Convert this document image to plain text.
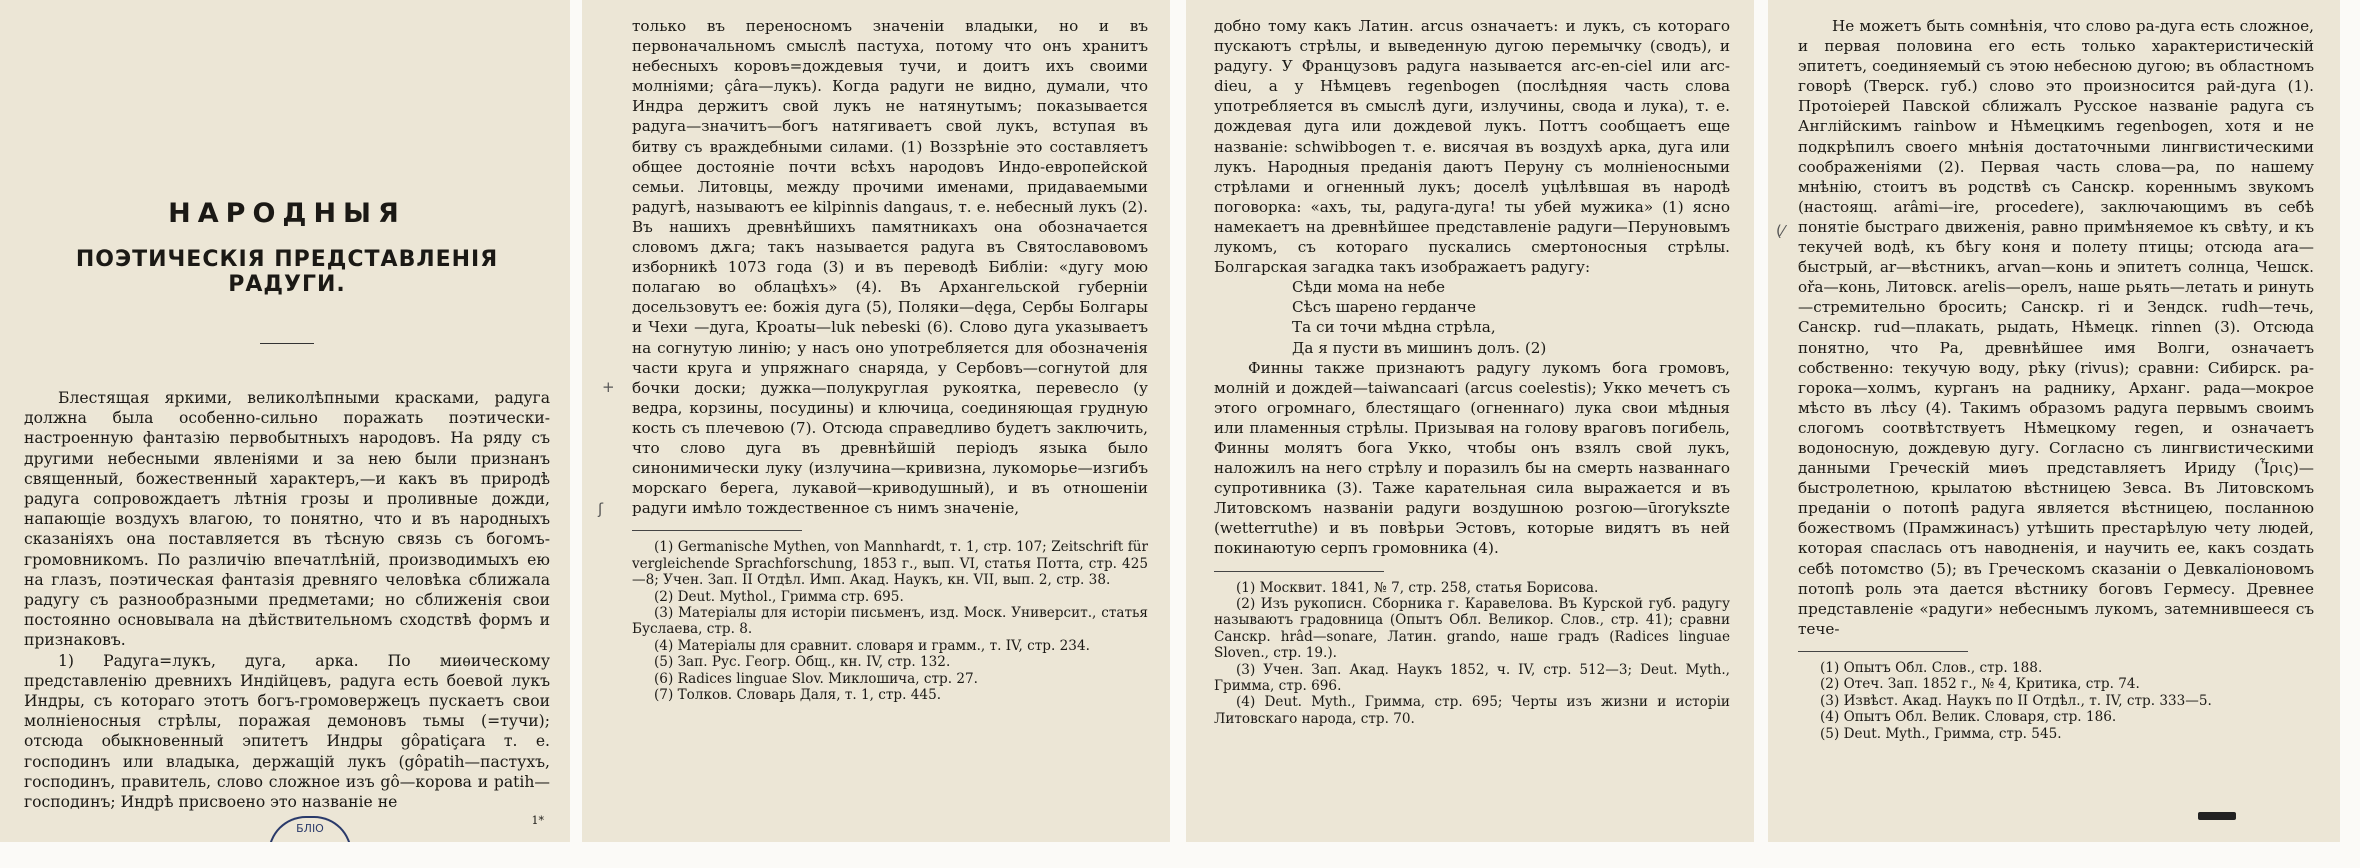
НАРОДНЫЯ
ПОЭТИЧЕСКІЯ ПРЕДСТАВЛЕНІЯ РАДУГИ.

Блестящая яркими, великолѣпными красками, радуга должна была особенно-сильно поражать поэтически-настроенную фантазію первобытныхъ народовъ. На ряду съ другими небесными явленіями и за нею были признанъ священный, божественный характеръ,—и какъ въ природѣ радуга сопровождаетъ лѣтнія грозы и проливные дожди, напающіе воздухъ влагою, то понятно, что и въ народныхъ сказаніяхъ она поставляется въ тѣсную связь съ богомъ-громовникомъ. По различію впечатлѣній, производимыхъ ею на глазъ, поэтическая фантазія древняго человѣка сближала радугу съ разнообразными предметами; но сближенія свои постоянно основывала на дѣйствительномъ сходствѣ формъ и признаковъ.

1) Радуга=лукъ, дуга, арка. По миѳическому представленію древнихъ Индійцевъ, радуга есть боевой лукъ Индры, съ котораго этотъ богъ-громовержецъ пускаетъ свои молніеносныя стрѣлы, поражая демоновъ тьмы (=тучи); отсюда обыкновенный эпитетъ Индры gôpatiçara т. е. господинъ или владыка, держащій лукъ (gôpatih—пастухъ, господинъ, правитель, слово сложное изъ gô—корова и patih—господинъ; Индрѣ присвоено это названіе не

1*
БЛІО

только въ переносномъ значеніи владыки, но и въ первоначальномъ смыслѣ пастуха, потому что онъ хранитъ небесныхъ коровъ=дождевыя тучи, и доитъ ихъ своими молніями; çâra—лукъ). Когда радуги не видно, думали, что Индра держитъ свой лукъ не натянутымъ; показывается радуга—значитъ—богъ натягиваетъ свой лукъ, вступая въ битву съ враждебными силами. (1) Воззрѣніе это составляетъ общее достояніе почти всѣхъ народовъ Индо-европейской семьи. Литовцы, между прочими именами, придаваемыми радугѣ, называютъ ее kilpinnis dangaus, т. е. небесный лукъ (2). Въ нашихъ древнѣйшихъ памятникахъ она обозначается словомъ дѫга; такъ называется радуга въ Святославовомъ изборникѣ 1073 года (3) и въ переводѣ Библіи: «дугу мою полагаю во облацѣхъ» (4). Въ Архангельской губерніи досельзовутъ ее: божія дуга (5), Поляки—dęga, Сербы Болгары и Чехи —дуга, Кроаты—luk nebeski (6). Слово дуга указываетъ на согнутую линію; у насъ оно употребляется для обозначенія части круга и упряжнаго снаряда, у Сербовъ—согнутой для бочки доски; дужка—полукруглая рукоятка, перевесло (у ведра, корзины, посудины) и ключица, соединяющая грудную кость съ плечевою (7). Отсюда справедливо будетъ заключить, что слово дуга въ древнѣйшій періодъ языка было синонимически луку (излучина—кривизна, лукоморье—изгибъ морскаго берега, лукавой—криводушный), и въ отношеніи радуги имѣло тождественное съ нимъ значеніе,

(1) Germanische Mythen, von Mannhardt, т. 1, стр. 107; Zeitschrift für vergleichende Sprachforschung, 1853 г., вып. VI, статья Потта, стр. 425—8; Учен. Зап. II Отдѣл. Имп. Акад. Наукъ, кн. VII, вып. 2, стр. 38.

(2) Deut. Mythol., Гримма стр. 695.

(3) Матеріалы для исторіи письменъ, изд. Моск. Университ., статья Буслаева, стр. 8.

(4) Матеріалы для сравнит. словаря и грамм., т. IV, стр. 234.

(5) Зап. Рус. Геогр. Общ., кн. IV, стр. 132.

(6) Radices linguae Slov. Миклошича, стр. 27.

(7) Толков. Словарь Даля, т. 1, стр. 445.

+
ʃ

добно тому какъ Латин. arcus означаетъ: и лукъ, съ котораго пускаютъ стрѣлы, и выведенную дугою перемычку (сводъ), и радугу. У Французовъ радуга называется arc-en-ciel или arc-dieu, а у Нѣмцевъ regenbogen (послѣдняя часть слова употребляется въ смыслѣ дуги, излучины, свода и лука), т. е. дождевая дуга или дождевой лукъ. Поттъ сообщаетъ еще названіе: schwibbogen т. е. висячая въ воздухѣ арка, дуга или лукъ. Народныя преданія даютъ Перуну съ молніеносными стрѣлами и огненный лукъ; доселѣ уцѣлѣвшая въ народѣ поговорка: «ахъ, ты, радуга-дуга! ты убей мужика» (1) ясно намекаетъ на древнѣйшее представленіе радуги—Перуновымъ лукомъ, съ котораго пускались смертоносныя стрѣлы. Болгарская загадка такъ изображаетъ радугу:

Сѣди мома на небе
Сѣсъ шарено герданче
Та си точи мѣдна стрѣла,
Да я пусти въ мишинъ долъ. (2)

Финны также признаютъ радугу лукомъ бога громовъ, молній и дождей—taiwancaari (arcus coelestis); Укко мечетъ съ этого огромнаго, блестящаго (огненнаго) лука свои мѣдныя или пламенныя стрѣлы. Призывая на голову враговъ погибель, Финны молятъ бога Укко, чтобы онъ взялъ свой лукъ, наложилъ на него стрѣлу и поразилъ бы на смерть названнаго супротивника (3). Таже карательная сила выражается и въ Литовскомъ названіи радуги воздушною розгою—ūrorykszte (wetterruthe) и въ повѣрьи Эстовъ, которые видятъ въ ней покинаютую серпъ громовника (4).

(1) Москвит. 1841, № 7, стр. 258, статья Борисова.

(2) Изъ рукописн. Сборника г. Каравелова. Въ Курской губ. радугу называютъ градовница (Опытъ Обл. Великор. Слов., стр. 41); сравни Санскр. hrâd—sonare, Латин. grando, наше градъ (Radices linguae Sloven., стр. 19.).

(3) Учен. Зап. Акад. Наукъ 1852, ч. IV, стр. 512—3; Deut. Myth., Гримма, стр. 696.

(4) Deut. Myth., Гримма, стр. 695; Черты изъ жизни и исторіи Литовскаго народа, стр. 70.

Не можетъ быть сомнѣнія, что слово ра-дуга есть сложное, и первая половина его есть только характеристическій эпитетъ, соединяемый съ этою небесною дугою; въ областномъ говорѣ (Тверск. губ.) слово это произносится рай-дуга (1). Протоіерей Павской сближалъ Русское названіе радуга съ Англійскимъ rainbow и Нѣмецкимъ regenbogen, хотя и не подкрѣпилъ своего мнѣнія достаточными лингвистическими соображеніями (2). Первая часть слова—ра, по нашему мнѣнію, стоитъ въ родствѣ съ Санскр. кореннымъ звукомъ (настоящ. arâmi—ire, procedere), заключающимъ въ себѣ понятіе быстраго движенія, равно примѣняемое къ свѣту, и къ текучей водѣ, къ бѣгу коня и полету птицы; отсюда ara—быстрый, ar—вѣстникъ, arvan—конь и эпитетъ солнца, Чешск. ořa—конь, Литовск. arelis—орелъ, наше рьять—летать и ринуть—стремительно бросить; Санскр. ri и Зендск. rudh—течь, Санскр. rud—плакать, рыдать, Нѣмецк. rinnen (3). Отсюда понятно, что Ра, древнѣйшее имя Волги, означаетъ собственно: текучую воду, рѣку (rivus); сравни: Сибирск. ра-горока—холмъ, курганъ на раднику, Арханг. рада—мокрое мѣсто въ лѣсу (4). Такимъ образомъ радуга первымъ своимъ слогомъ соотвѣтствуетъ Нѣмецкому regen, и означаетъ водоносную, дождевую дугу. Согласно съ лингвистическими данными Греческій миѳъ представляетъ Ириду (Ἶρις)—быстролетною, крылатою вѣстницею Зевса. Въ Литовскомъ преданіи о потопѣ радуга является вѣстницею, посланною божествомъ (Прамжинасъ) утѣшить престарѣлую чету людей, которая спаслась отъ наводненія, и научить ее, какъ создать себѣ потомство (5); въ Греческомъ сказаніи о Девкаліоновомъ потопѣ роль эта дается вѣстнику боговъ Гермесу. Древнее представленіе «радуги» небеснымъ лукомъ, затемнившееся съ тече-

(1) Опытъ Обл. Слов., стр. 188.

(2) Отеч. Зап. 1852 г., № 4, Критика, стр. 74.

(3) Извѣст. Акад. Наукъ по II Отдѣл., т. IV, стр. 333—5.

(4) Опытъ Обл. Велик. Словаря, стр. 186.

(5) Deut. Myth., Гримма, стр. 545.

(⁄
